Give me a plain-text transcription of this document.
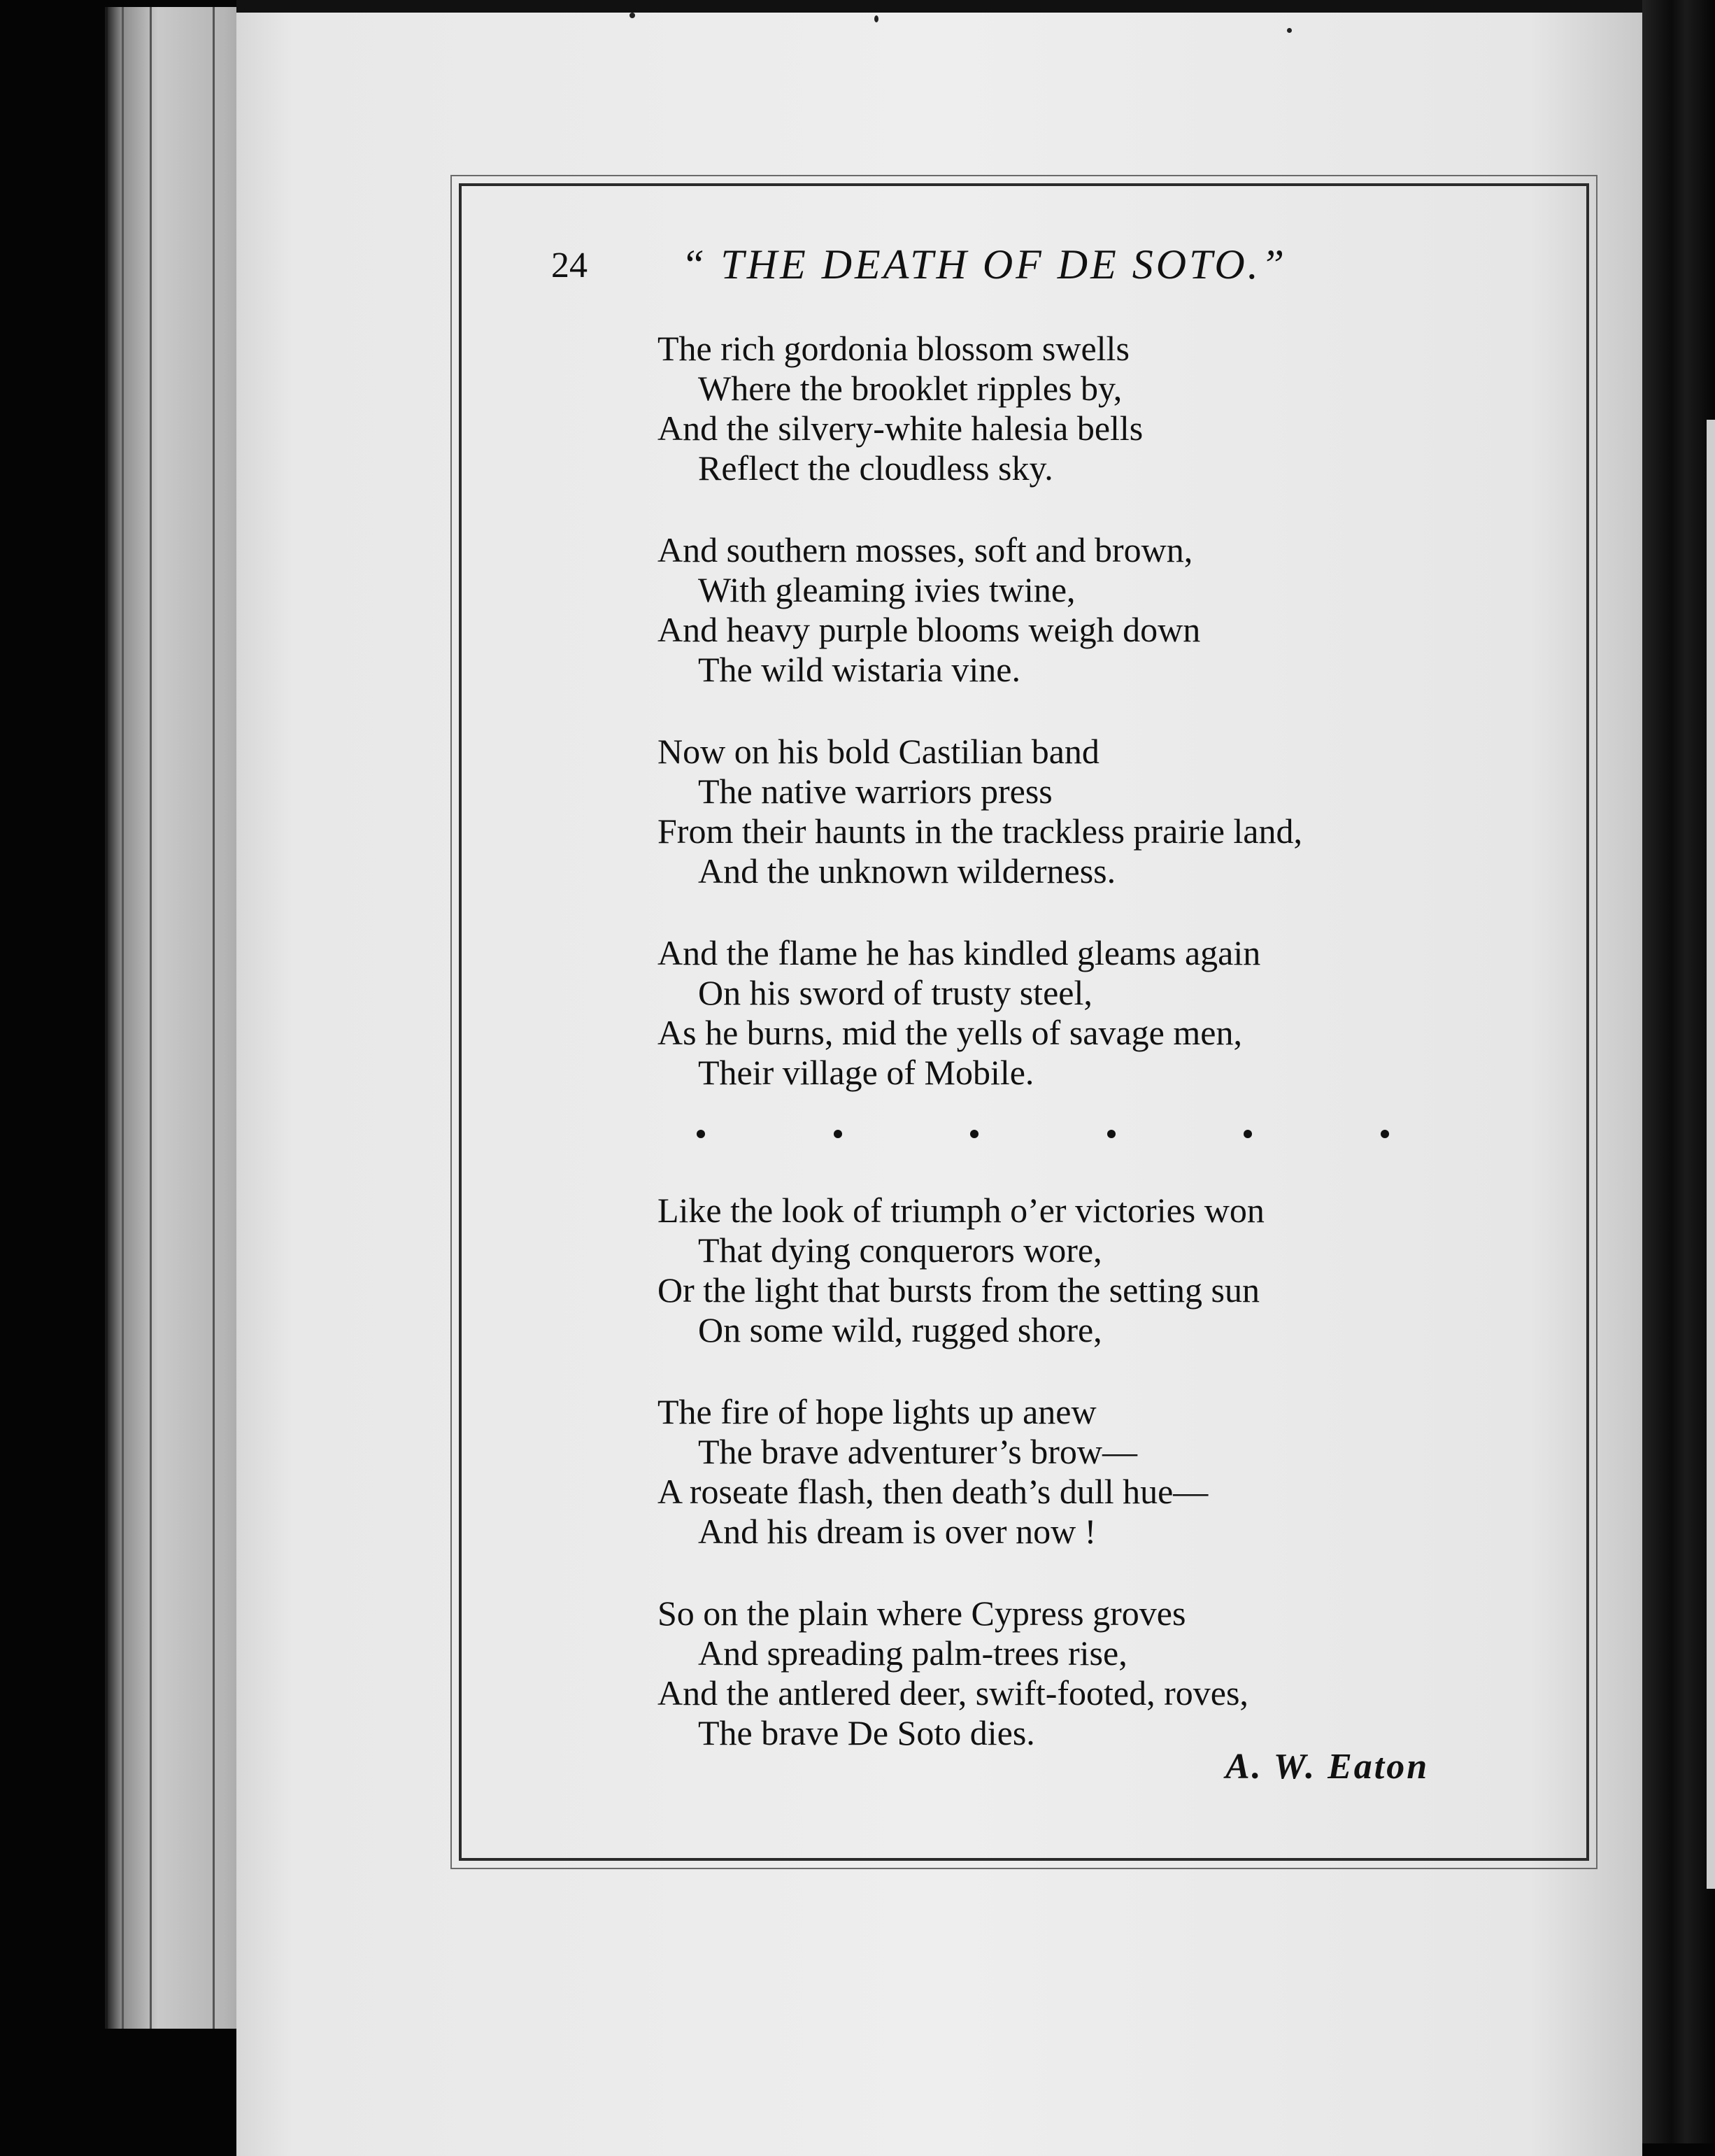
24 “ THE DEATH OF DE SOTO.”
The rich gordonia blossom swells
Where the brooklet ripples by,
And the silvery-white halesia bells
Reflect the cloudless sky.
And southern mosses, soft and brown,
With gleaming ivies twine,
And heavy purple blooms weigh down
The wild wistaria vine.
Now on his bold Castilian band
The native warriors press
From their haunts in the trackless prairie land,
And the unknown wilderness.
And the flame he has kindled gleams again
On his sword of trusty steel,
As he burns, mid the yells of savage men,
Their village of Mobile.
Like the look of triumph o’er victories won
That dying conquerors wore,
Or the light that bursts from the setting sun
On some wild, rugged shore,
The fire of hope lights up anew
The brave adventurer’s brow—
A roseate flash, then death’s dull hue—
And his dream is over now !
So on the plain where Cypress groves
And spreading palm-trees rise,
And the antlered deer, swift-footed, roves,
The brave De Soto dies.
A. W. Eaton
